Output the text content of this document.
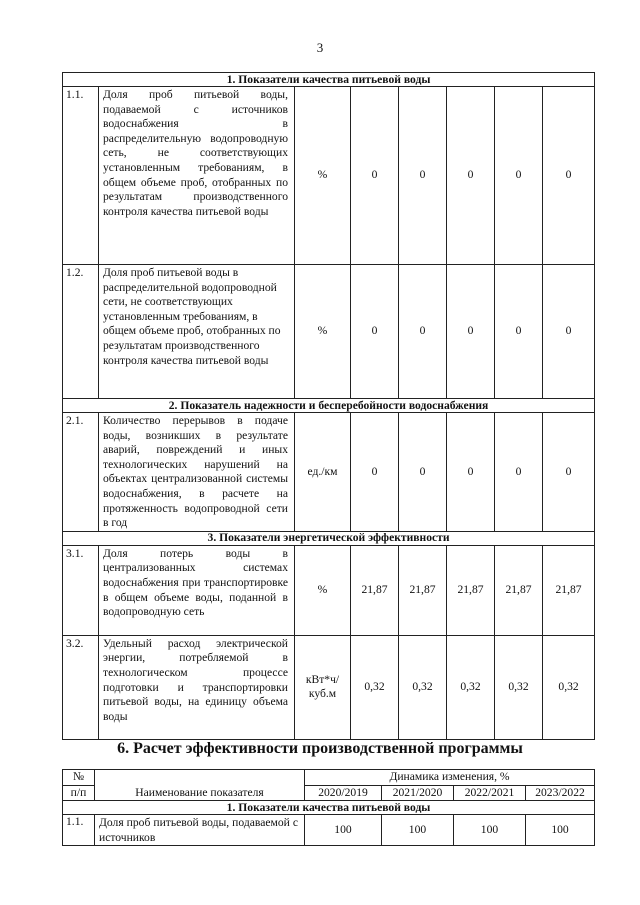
3
1. Показатели качества питьевой воды							
1.1.	Доля проб питьевой воды, подаваемой с источников водоснабжения в распределительную водопроводную сеть, не соответствующих установленным требованиям, в общем объеме проб, отобранных по результатам производственного контроля качества питьевой воды	%	0	0	0	0	0
1.2.	Доля проб питьевой воды в распределительной водопроводной сети, не соответствующих установленным требованиям, в общем объеме проб, отобранных по результатам производственного контроля качества питьевой воды	%	0	0	0	0	0
2. Показатель надежности и бесперебойности водоснабжения							
2.1.	Количество перерывов в подаче воды, возникших в результате аварий, повреждений и иных технологических нарушений на объектах централизованной системы водоснабжения, в расчете на протяженность водопроводной сети в год	ед./км	0	0	0	0	0
3. Показатели энергетической эффективности							
3.1.	Доля потерь воды в централизованных системах водоснабжения при транспортировке в общем объеме воды, поданной в водопроводную сеть	%	21,87	21,87	21,87	21,87	21,87
3.2.	Удельный расход электрической энергии, потребляемой в технологическом процессе подготовки и транспортировки питьевой воды, на единицу объема воды	кВт*ч/ куб.м	0,32	0,32	0,32	0,32	0,32
6. Расчет эффективности производственной программы
№	Наименование показателя	Динамика изменения, %			
п/п		2020/2019	2021/2020	2022/2021	2023/2022
1. Показатели качества питьевой воды					
1.1.	Доля проб питьевой воды, подаваемой с источников	100	100	100	100
